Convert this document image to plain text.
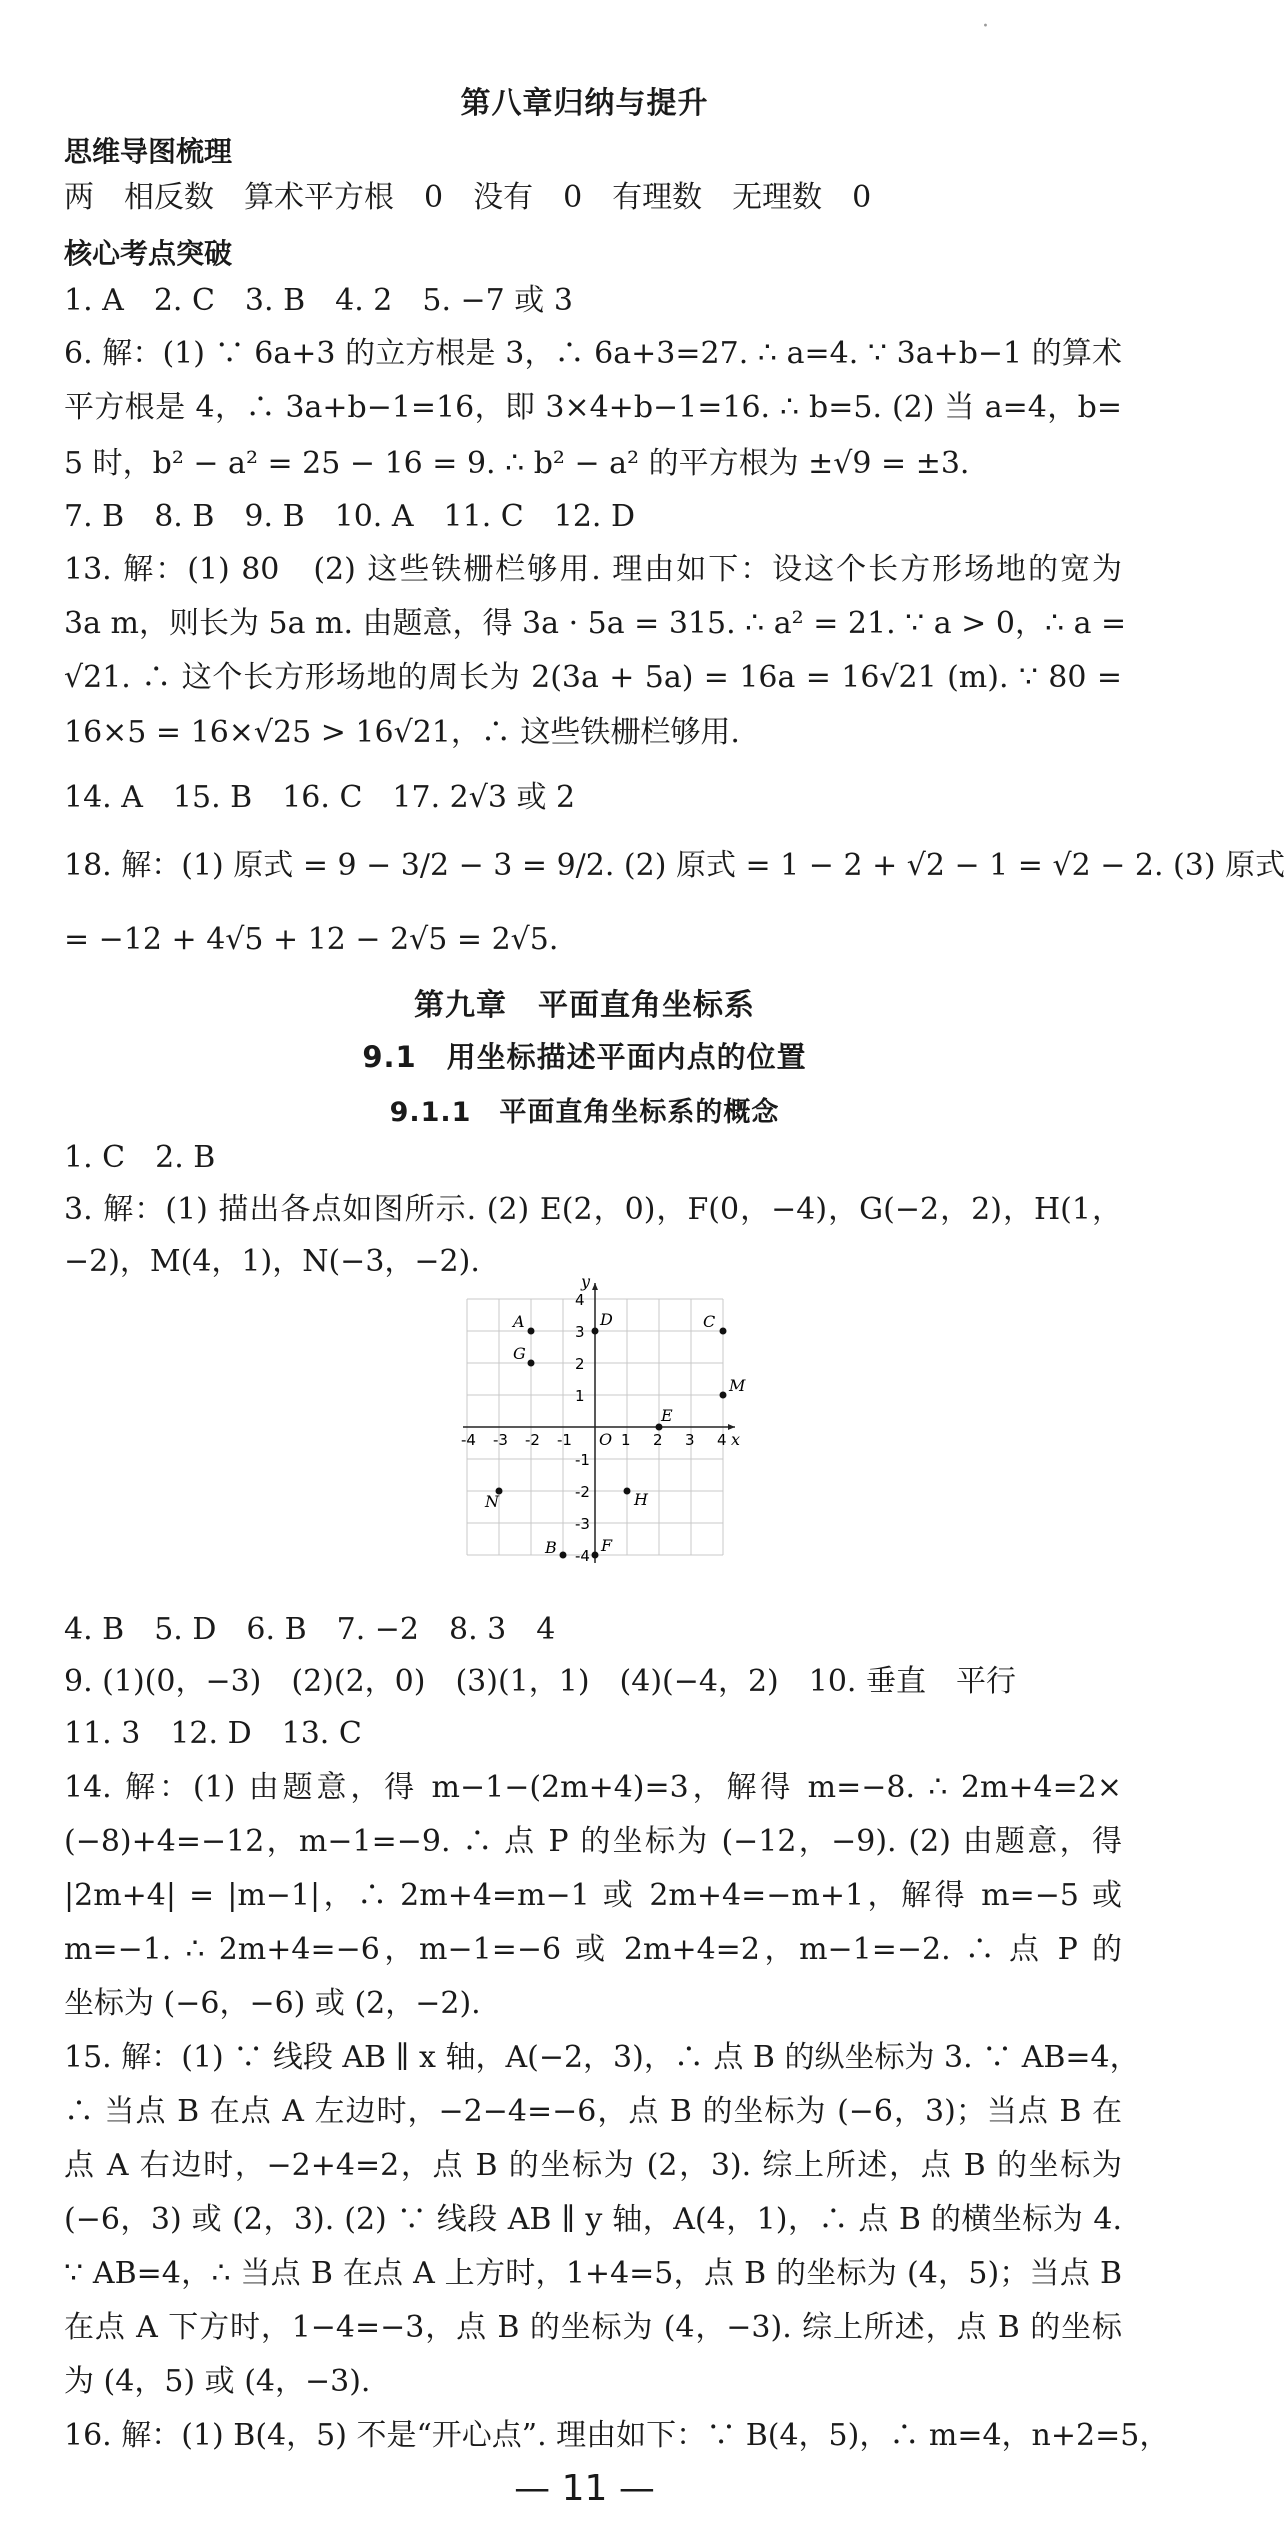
·
第八章归纳与提升
思维导图梳理
两　相反数　算术平方根　0　没有　0　有理数　无理数　0
核心考点突破
1. A　2. C　3. B　4. 2　5. −7 或 3
6. 解：(1) ∵ 6a+3 的立方根是 3，∴ 6a+3=27. ∴ a=4. ∵ 3a+b−1 的算术
平方根是 4，∴ 3a+b−1=16，即 3×4+b−1=16. ∴ b=5. (2) 当 a=4，b=
5 时，b² − a² = 25 − 16 = 9. ∴ b² − a² 的平方根为 ±√9 = ±3.
7. B　8. B　9. B　10. A　11. C　12. D
13. 解：(1) 80　(2) 这些铁栅栏够用. 理由如下：设这个长方形场地的宽为
3a m，则长为 5a m. 由题意，得 3a · 5a = 315. ∴ a² = 21. ∵ a > 0，∴ a =
√21. ∴ 这个长方形场地的周长为 2(3a + 5a) = 16a = 16√21 (m). ∵ 80 =
16×5 = 16×√25 > 16√21，∴ 这些铁栅栏够用.
14. A　15. B　16. C　17. 2√3 或 2
18. 解：(1) 原式 = 9 − 3/2 − 3 = 9/2. (2) 原式 = 1 − 2 + √2 − 1 = √2 − 2. (3) 原式
= −12 + 4√5 + 12 − 2√5 = 2√5.
第九章　平面直角坐标系
9.1　用坐标描述平面内点的位置
9.1.1　平面直角坐标系的概念
1. C　2. B
3. 解：(1) 描出各点如图所示. (2) E(2，0)，F(0，−4)，G(−2，2)，H(1，
−2)，M(4，1)，N(−3，−2).
x
y
O
-4 -3 -2 -1	1 2 3 4
4
3
2
1
-1
-2
-3
-4
A
G
D	C
M
E
N	H
B	F
4. B　5. D　6. B　7. −2　8. 3　4
9. (1)(0，−3)　(2)(2，0)　(3)(1，1)　(4)(−4，2)　10. 垂直　平行
11. 3　12. D　13. C
14. 解：(1) 由题意，得 m−1−(2m+4)=3，解得 m=−8. ∴ 2m+4=2×
(−8)+4=−12，m−1=−9. ∴ 点 P 的坐标为 (−12，−9). (2) 由题意，得
|2m+4| = |m−1|，∴ 2m+4=m−1 或 2m+4=−m+1，解得 m=−5 或
m=−1. ∴ 2m+4=−6，m−1=−6 或 2m+4=2，m−1=−2. ∴ 点 P 的
坐标为 (−6，−6) 或 (2，−2).
15. 解：(1) ∵ 线段 AB ∥ x 轴，A(−2，3)，∴ 点 B 的纵坐标为 3. ∵ AB=4，
∴ 当点 B 在点 A 左边时，−2−4=−6，点 B 的坐标为 (−6，3)；当点 B 在
点 A 右边时，−2+4=2，点 B 的坐标为 (2，3). 综上所述，点 B 的坐标为
(−6，3) 或 (2，3). (2) ∵ 线段 AB ∥ y 轴，A(4，1)，∴ 点 B 的横坐标为 4.
∵ AB=4，∴ 当点 B 在点 A 上方时，1+4=5，点 B 的坐标为 (4，5)；当点 B
在点 A 下方时，1−4=−3，点 B 的坐标为 (4，−3). 综上所述，点 B 的坐标
为 (4，5) 或 (4，−3).
16. 解：(1) B(4，5) 不是“开心点”. 理由如下：∵ B(4，5)，∴ m=4，n+2=5，
— 11 —
